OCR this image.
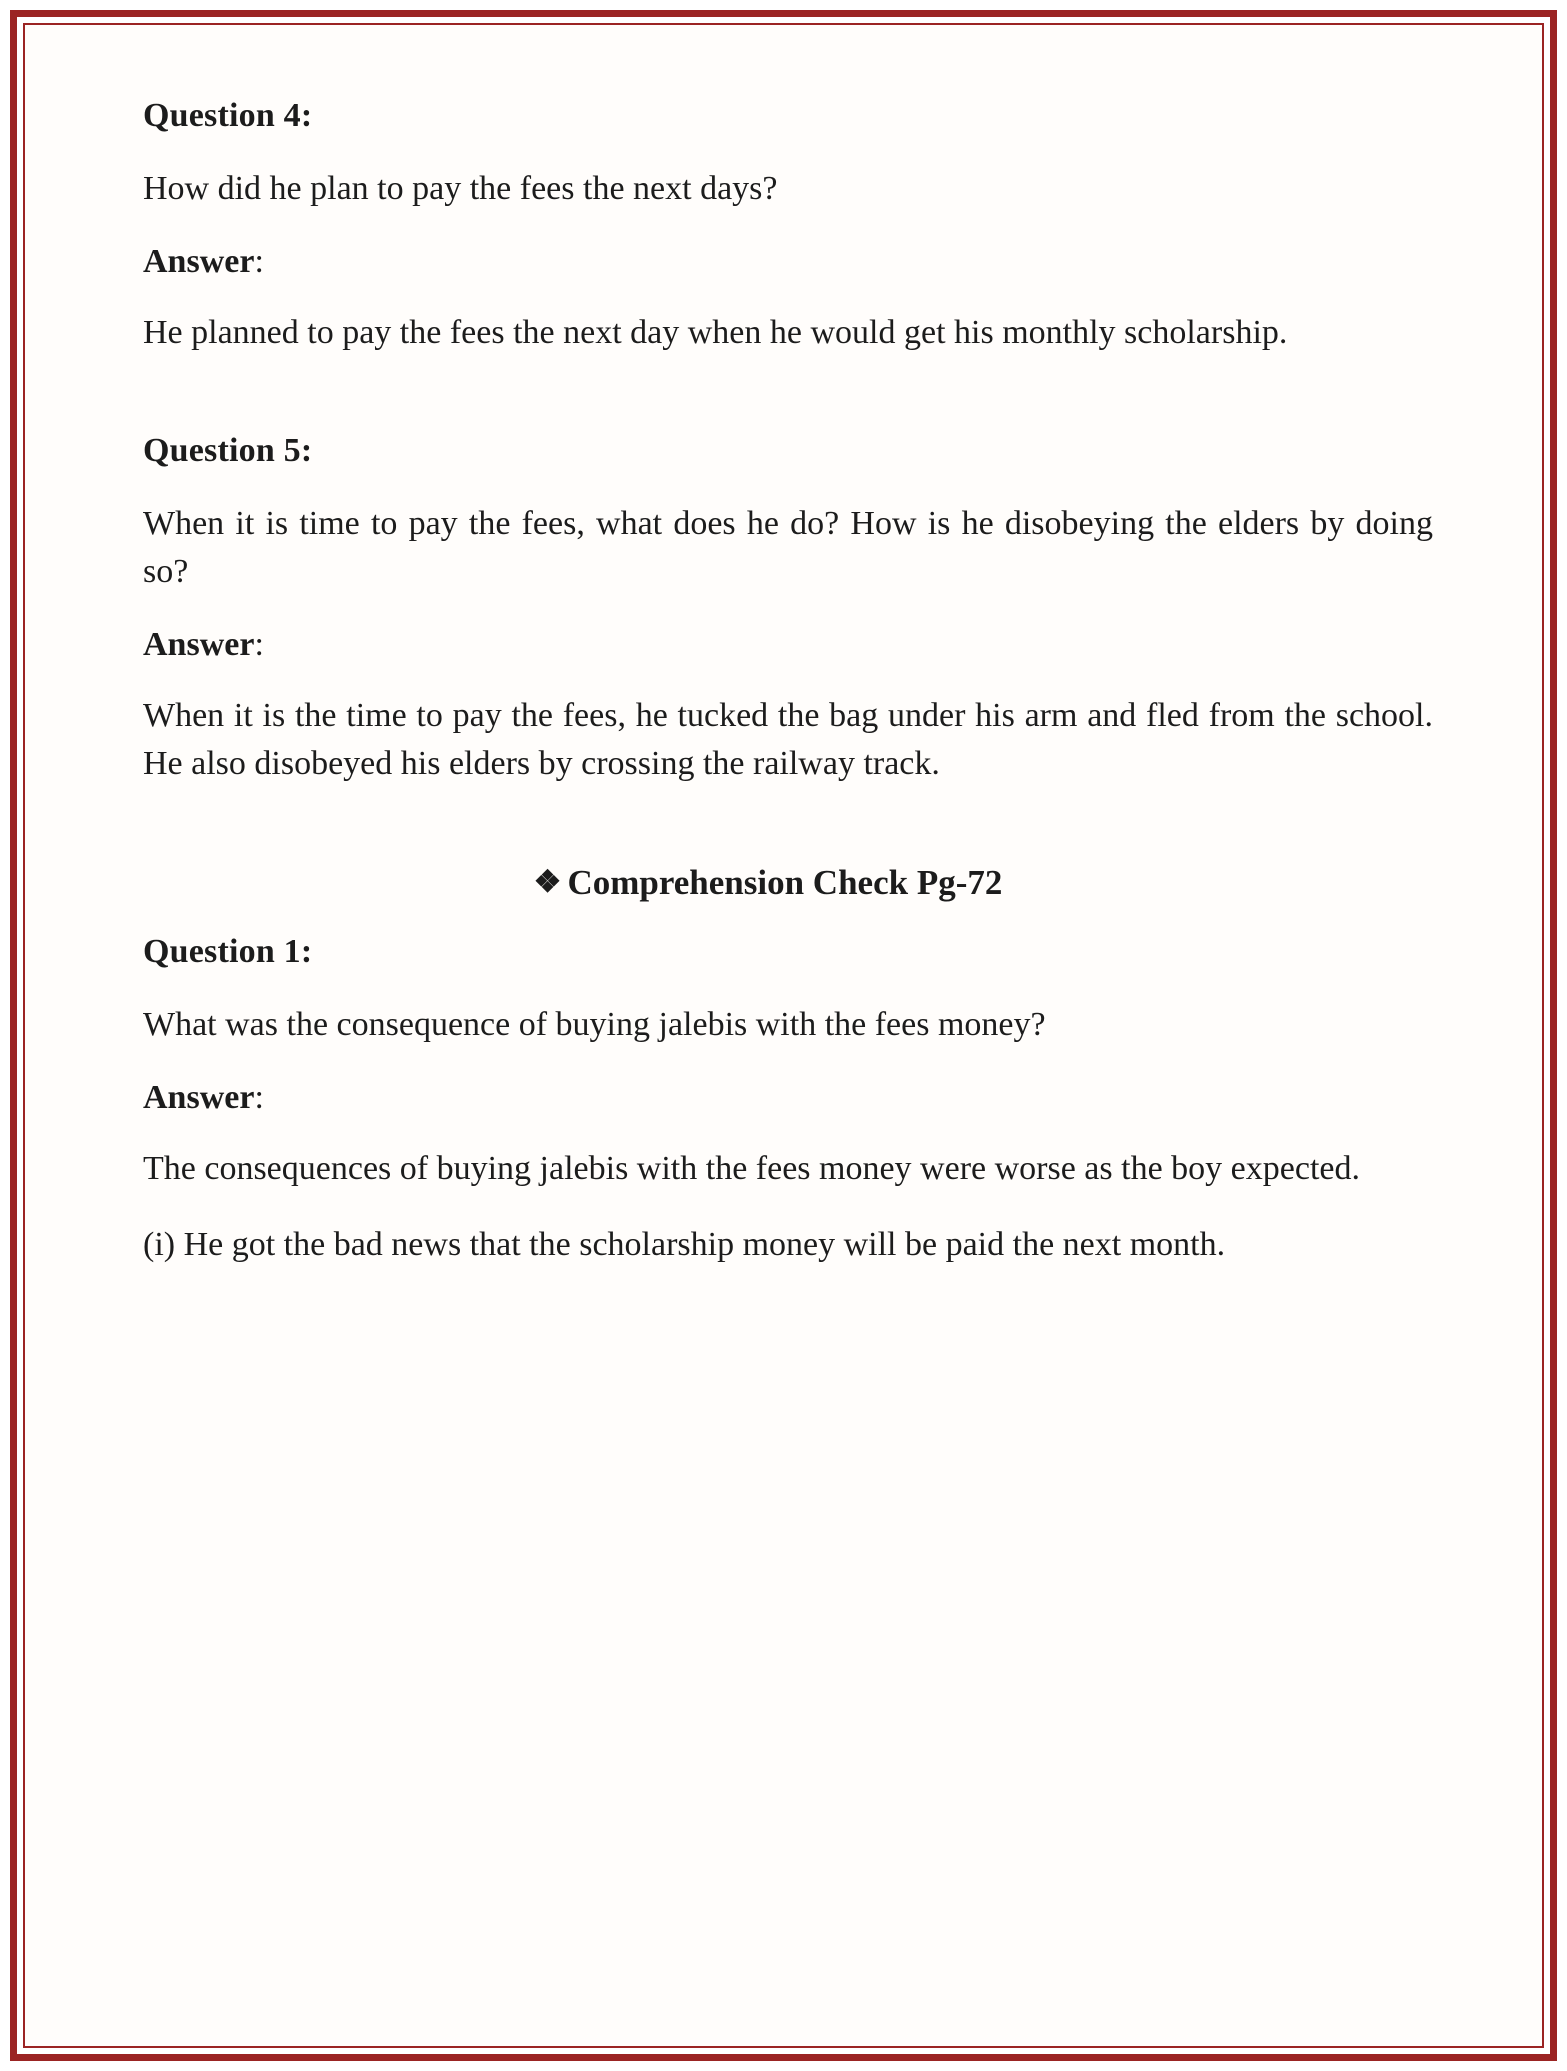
Question 4:

How did he plan to pay the fees the next days?

Answer:

He planned to pay the fees the next day when he would get his monthly scholarship.

Question 5:

When it is time to pay the fees, what does he do? How is he disobeying the elders by doing so?

Answer:

When it is the time to pay the fees, he tucked the bag under his arm and fled from the school. He also disobeyed his elders by crossing the railway track.

❖ Comprehension Check Pg-72

Question 1:

What was the consequence of buying jalebis with the fees money?

Answer:

The consequences of buying jalebis with the fees money were worse as the boy expected.

(i) He got the bad news that the scholarship money will be paid the next month.
